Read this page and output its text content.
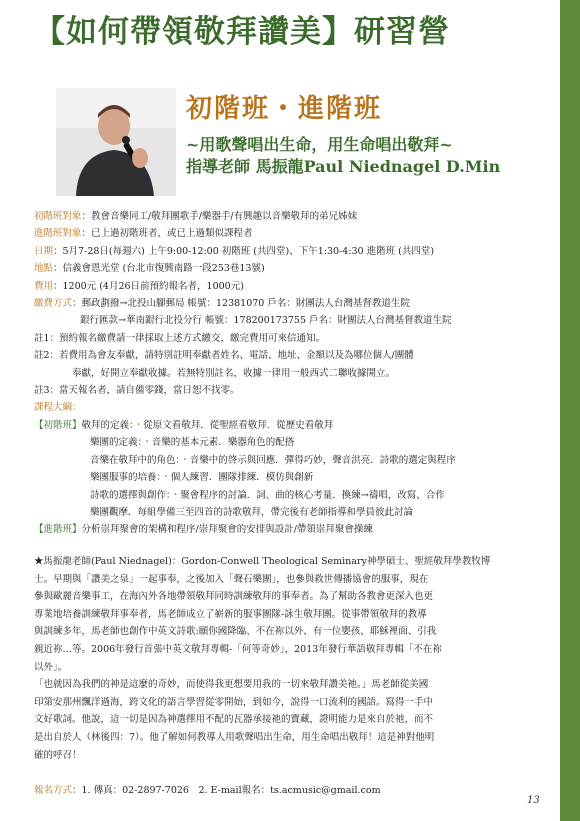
【如何帶領敬拜讚美】研習營
初階班・進階班
~用歌聲唱出生命，用生命唱出敬拜~
指導老師 馬振龍Paul Niednagel D.Min
初階班對象：教會音樂同工/敬拜團歌手/樂器手/有興趣以音樂敬拜的弟兄姊妹
進階班對象：已上過初階班者，或已上過類似課程者
日期：5月7-28日(每週六) 上午9:00-12:00 初階班 (共四堂)、下午1:30-4:30 進階班 (共四堂)
地點：信義會恩光堂 (台北市復興南路一段253巷13號)
費用：1200元 (4月26日前預約報名者，1000元)
繳費方式：郵政劃撥→北投山腳郵局 帳號：12381070 戶名：財團法人台灣基督教道生院
銀行匯款→華南銀行北投分行 帳號：178200173755 戶名：財團法人台灣基督教道生院
註1：預約報名繳費請一律採取上述方式繳交，繳完費用可來信通知。
註2：若費用為會友奉獻，請特別註明奉獻者姓名、電話、地址、金額以及為哪位個人/團體
奉獻，好開立奉獻收據。若無特別註名，收據一律用一般西式二聯收據開立。
註3：當天報名者，請自備零錢，當日恕不找零。
課程大綱：
【初階班】敬拜的定義：・從原文看敬拜．從聖經看敬拜．從歷史看敬拜
樂團的定義：・音樂的基本元素．樂器角色的配搭
音樂在敬拜中的角色：・音樂中的啓示與回應．彈得巧妙，聲音洪亮．詩歌的選定與程序
樂團服事的培養：・個人練習．團隊排練．模仿與創新
詩歌的選擇與創作：・聚會程序的討論．詞、曲的核心考量．換練→禱唱，改寫、合作
樂團觀摩．每組學備三至四首的詩歌敬拜，帶完後有老師指導和學員彼此討論
【進階班】分析崇拜聚會的架構和程序/崇拜聚會的安排與設計/帶領崇拜聚會操練

★馬振龍老師(Paul Niednagel)：Gordon-Conwell Theological Seminary神學碩士、聖經敬拜學教牧博

士。早期與「讚美之泉」一起事奉，之後加入「聲石樂團」，也參與救世傳播協會的服事，現在

參與歐麗音樂事工，在海內外各地帶領敬拜同時訓練敬拜的事奉者。為了幫助各教會更深入也更

專業地培養訓練敬拜事奉者，馬老師成立了嶄新的服事團隊-詠生敬拜團。從事帶領敬拜的教導

與訓練多年，馬老師也創作中英文詩歌:願你國降臨、不在祢以外、有一位嬰孩、耶穌裡面、引我

親近祢…等。2006年發行首張中英文敬拜專輯-「何等奇妙」，2013年發行華語敬拜專輯「不在祢

以外」。

「也就因為我們的神是這麼的奇妙，而使得我更想要用我的一切來敬拜讚美祂。」馬老師從美國

印第安那州飄洋過海，跨文化的語言學習從零開始，到如今，說得一口流利的國語。寫得一手中

文好歌詞。他說，這一切是因為神選擇用不配的瓦器承接祂的寶藏，證明能力是來自於祂，而不

是出自於人（林後四：7）。他了解如何教導人用歌聲唱出生命，用生命唱出敬拜！這是神對他明

確的呼召！

報名方式：1. 傳真：02-2897-7026　2. E-mail報名：ts.acmusic@gmail.com
13
